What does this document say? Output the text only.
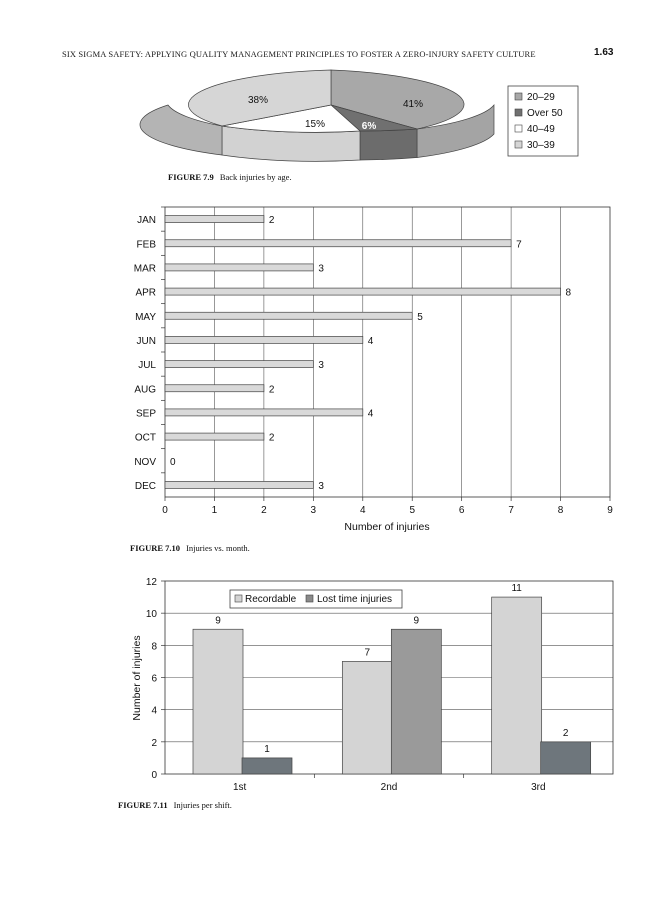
SIX SIGMA SAFETY: APPLYING QUALITY MANAGEMENT PRINCIPLES TO FOSTER A ZERO-INJURY SAFETY CULTURE	1.63
41%
6%
15%
38%	20–29
Over 50
40–49
30–39
FIGURE 7.9 Back injuries by age.
2
7
3
8
5
4
3
2
4
2
0
3
JAN
FEB
MAR
APR
MAY
JUN
JUL
AUG
SEP
OCT
NOV
DEC
0	1	2	3	4	5	6	7	8	9
Number of injuries
FIGURE 7.10 Injuries vs. month.
9
1
7
9
11
2
0
2
4
6
8
10
12
1st	2nd	3rd
Number of injuries
Recordable Lost time injuries
FIGURE 7.11 Injuries per shift.
